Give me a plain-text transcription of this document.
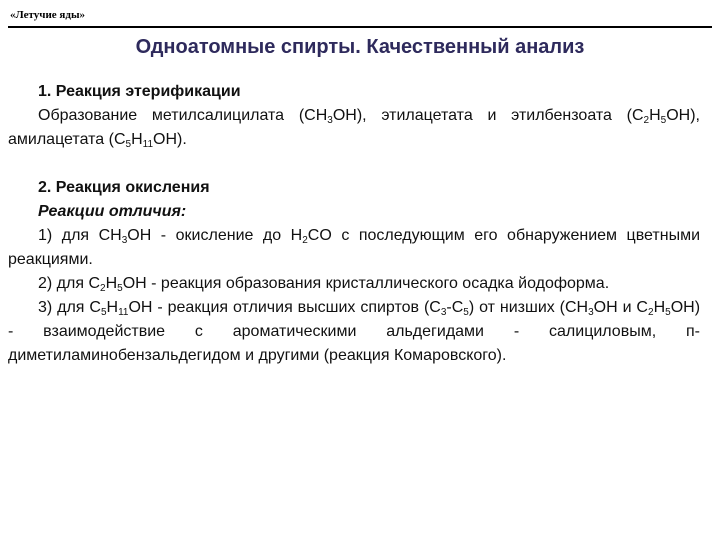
«Летучие яды»
Одноатомные спирты. Качественный анализ

1. Реакция этерификации

Образование метилсалицилата $(CH_3OH)$, этилацетата и этилбензоата $(C_2H_5OH)$, амилацетата $(C_5H_{11}OH)$.

2. Реакция окисления

Реакции отличия:

1) для $CH_3OH$ - окисление до $H_2CO$ с последующим его обнаружением цветными реакциями.

2) для $C_2H_5OH$ - реакция образования кристаллического осадка йодоформа.

3) для $C_5H_{11}OH$ - реакция отличия высших спиртов $(C_3-C_5)$ от низших ($CH_3OH$ и $C_2H_5OH$) - взаимодействие с ароматическими альдегидами - салициловым, п-диметиламинобензальдегидом и другими (реакция Комаровского).
